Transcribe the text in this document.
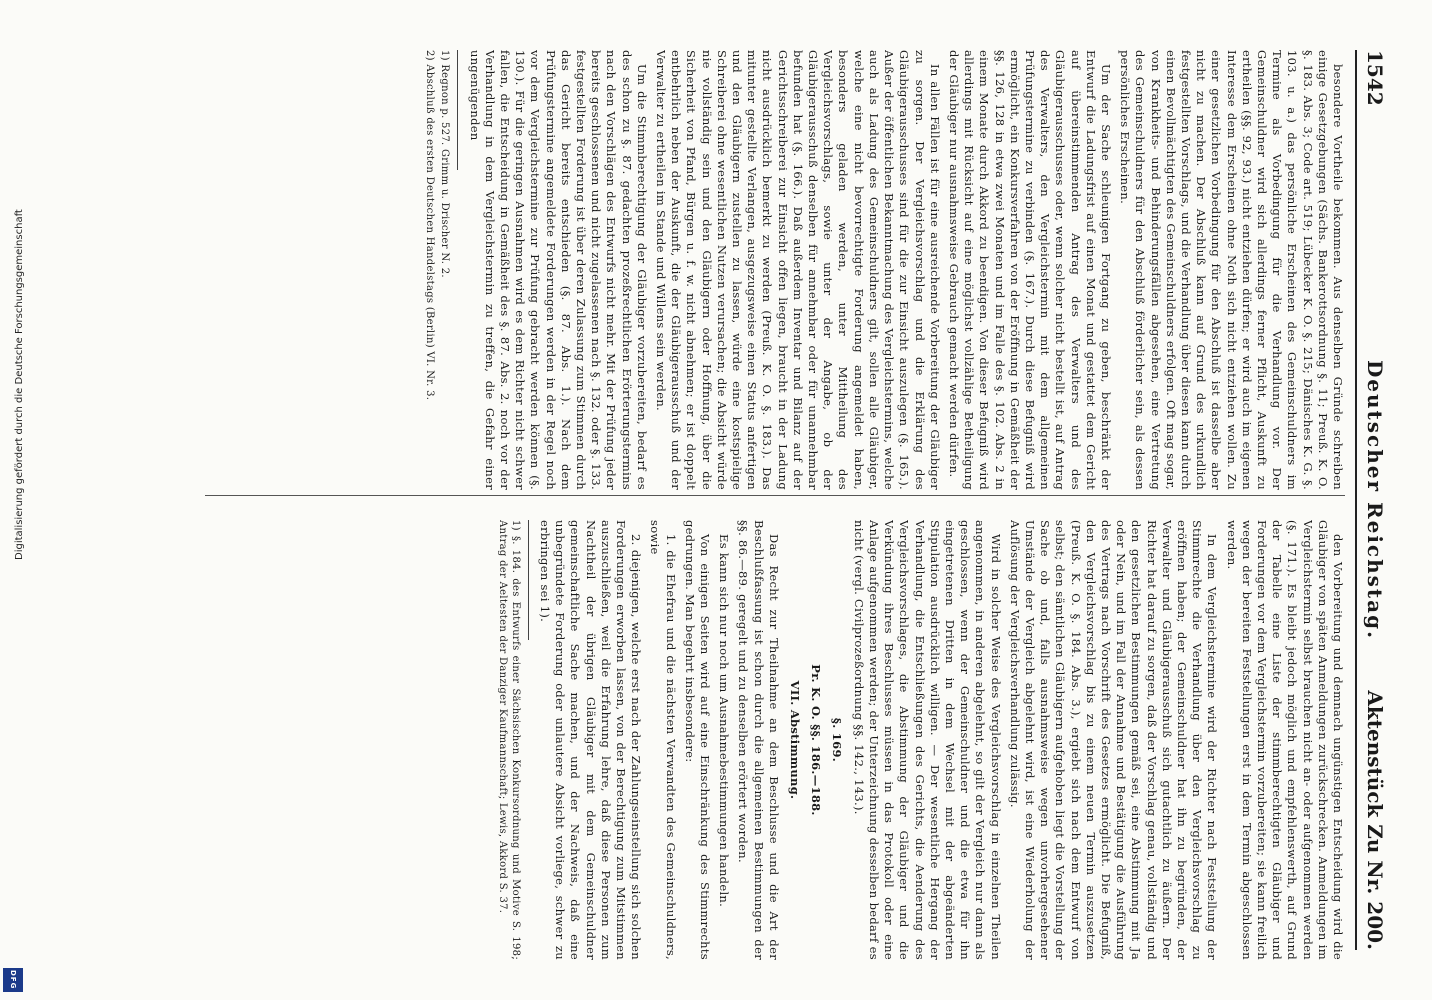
1542
Deutscher Reichstag.
Aktenstück Zu Nr. 200.

besondere Vortheile bekommen. Aus denselben Gründe schreiben einige Gesetzgebungen (Sächs. Bankerottsordnung §. 11; Preuß. K. O. §. 183. Abs. 3; Code art. 519; Lübecker K. O. §. 215; Dänisches K. G. §. 103. u. a.) das persönliche Erscheinen des Gemeinschuldners im Termine als Vorbedingung für die Verhandlung vor. Der Gemeinschuldner wird sich allerdings ferner Pflicht, Auskunft zu ertheilen (§§. 92, 93.) nicht entziehen dürfen; er wird auch im eigenen Interesse dem Erscheinen ohne Noth sich nicht entziehen wollen. Zu einer gesetzlichen Vorbedingung für den Abschluß ist dasselbe aber nicht zu machen. Der Abschluß kann auf Grund des urkundlich festgestellten Vorschlags, und die Verhandlung über diesen kann durch einen Bevollmächtigten des Gemeinschuldners erfolgen. Oft mag sogar, von Krankheits- und Behinderungsfällen abgesehen, eine Vertretung des Gemeinschuldners für den Abschluß förderlicher sein, als dessen persönliches Erscheinen.

Um der Sache schleunigen Fortgang zu geben, beschränkt der Entwurf die Ladungsfrist auf einen Monat und gestattet dem Gericht auf übereinstimmenden Antrag des Verwalters und des Gläubigerausschusses oder, wenn solcher nicht bestellt ist, auf Antrag des Verwalters, den Vergleichstermin mit dem allgemeinen Prüfungstermine zu verbinden (§. 167.). Durch diese Befugniß wird ermöglicht, ein Konkursverfahren von der Eröffnung in Gemäßheit der §§. 126, 128 in etwa zwei Monaten und im Falle des §. 102. Abs. 2 in einem Monate durch Akkord zu beendigen. Von dieser Befugniß wird allerdings mit Rücksicht auf eine möglichst vollzählige Betheiligung der Gläubiger nur ausnahmsweise Gebrauch gemacht werden dürfen.

In allen Fällen ist für eine ausreichende Vorbereitung der Gläubiger zu sorgen. Der Vergleichsvorschlag und die Erklärung des Gläubigerausschusses sind für die zur Einsicht auszulegen (§. 165.). Außer der öffentlichen Bekanntmachung des Vergleichstermins, welche auch als Ladung des Gemeinschuldners gilt, sollen alle Gläubiger, welche eine nicht bevorrechtigte Forderung angemeldet haben, besonders geladen werden, unter Mittheilung des Vergleichsvorschlags, sowie unter der Angabe, ob der Gläubigerausschuß denselben für annehmbar oder für unannehmbar befunden hat (§. 166.). Daß außerdem Inventar und Bilanz auf der Gerichtsschreiberei zur Einsicht offen liegen, braucht in der Ladung nicht ausdrücklich bemerkt zu werden (Preuß. K. O. §. 183.). Das mitunter gestellte Verlangen, ausgezugsweise einen Status anfertigen und den Gläubigern zustellen zu lassen, würde eine kostspielige Schreiberei ohne wesentlichen Nutzen verursachen; die Absicht würde nie vollständig sein und den Gläubigern oder Hoffnung, über die Sicherheit von Pfand, Bürgen u. f. w. nicht abnehmen; er ist doppelt entbehrlich neben der Auskunft, die der Gläubigerausschuß und der Verwalter zu ertheilen im Stande und Willens sein werden.

Um die Stimmberechtigung der Gläubiger vorzubereiten, bedarf es des schon zu §. 87. gedachten prozeßrechtlichen Erörterungstermins nach den Vorschlägen des Entwurfs nicht mehr. Mit der Prüfung jeder bereits geschlossenen und nicht zugelassenen nach §. 132. oder §. 133. festgestellten Forderung ist über deren Zulassung zum Stimmen durch das Gericht bereits entschieden (§. 87. Abs. 1.). Nach dem Prüfungstermine angemeldete Forderungen werden in der Regel noch vor dem Vergleichstermine zur Prüfung gebracht werden können (§. 130.). Für die geringen Ausnahmen wird es dem Richter nicht schwer fallen, die Entscheidung in Gemäßheit des §. 87. Abs. 2. noch vor der Verhandlung in dem Vergleichstermin zu treffen, die Gefahr einer ungenügenden

1) Regnon p. 527. Grimm u. Drischer N. 2.

2) Abschluß des ersten Deutschen Handelstags (Berlin) VI. Nr. 3.

den Vorbereitung und demnach ungünstigen Entscheidung wird die Gläubiger von späten Anmeldungen zurückschrecken. Anmeldungen im Vergleichstermin selbst brauchen nicht an- oder aufgenommen werden (§. 171.). Es bleibt jedoch möglich und empfehlenswerth, auf Grund der Tabelle eine Liste der stimmberechtigten Gläubiger und Forderungen vor dem Vergleichstermin vorzubereiten; sie kann freilich wegen der bereiten Feststellungen erst in dem Termin abgeschlossen werden.

In dem Vergleichstermine wird der Richter nach Feststellung der Stimmrechte die Verhandlung über den Vergleichsvorschlag zu eröffnen haben; der Gemeinschuldner hat ihn zu begründen, der Verwalter und Gläubigerausschuß sich gutachtlich zu äußern. Der Richter hat darauf zu sorgen, daß der Vorschlag genau, vollständig und den gesetzlichen Bestimmungen gemäß sei, eine Abstimmung mit Ja oder Nein, und im Fall der Annahme und Bestätigung die Ausführung des Vertrags nach Vorschrift des Gesetzes ermöglicht. Die Befugniß, den Vergleichsvorschlag bis zu einem neuen Termin auszusetzen (Preuß. K. O. §. 184. Abs. 3.), ergiebt sich nach dem Entwurf von selbst; den sämtlichen Gläubigern aufgehoben liegt die Vorstellung der Sache ob und, falls ausnahmsweise wegen unvorhergesehener Umstände der Vergleich abgelehnt wird, ist eine Wiederholung der Auflösung der Vergleichsverhandlung zulässig.

Wird in solcher Weise des Vergleichsvorschlag in einzelnen Theilen angenommen, in anderen abgelehnt, so gilt der Vergleich nur dann als geschlossen, wenn der Gemeinschuldner und die etwa für ihn eingetretenen Dritten in dem Wechsel mit der abgeänderten Stipulation ausdrücklich willigen. — Der wesentliche Hergang der Verhandlung, die Entschließungen des Gerichts, die Aenderung des Vergleichsvorschlages, die Abstimmung der Gläubiger und die Verkündung ihres Beschlusses müssen in das Protokoll oder eine Anlage aufgenommen werden; der Unterzeichnung desselben bedarf es nicht (vergl. Civilprozeßordnung §§. 142., 143.).

§. 169.

Pr. K. O. §§. 186.—188.

VII. Abstimmung.

Das Recht zur Theilnahme an dem Beschlusse und die Art der Beschlußfassung ist schon durch die allgemeinen Bestimmungen der §§. 86.—89. geregelt und zu denselben erörtert worden.

Es kann sich nur noch um Ausnahmebestimmungen handeln.

Von einigen Seiten wird auf eine Einschränkung des Stimmrechts gedrungen. Man begehrt insbesondere:

1. die Ehefrau und die nächsten Verwandten des Gemeinschuldners, sowie

2. diejenigen, welche erst nach der Zahlungseinstellung sich solchen Forderungen erworben lassen, von der Berechtigung zum Mitstimmen auszuschließen, weil die Erfahrung lehre, daß diese Personen zum Nachtheil der übrigen Gläubiger mit dem Gemeinschuldner gemeinschaftliche Sache machen, und der Nachweis, daß eine unbegründete Forderung oder unlautere Absicht vorliege, schwer zu erbringen sei 1).

1) §. 184. des Entwurfs einer Sächsischen Konkursordnung und Motive S. 198; Antrag der Aeltesten der Danziger Kaufmannschaft; Lewis, Akkord S. 37.

Digitalisierung gefördert durch die Deutsche Forschungsgemeinschaft
DFG
